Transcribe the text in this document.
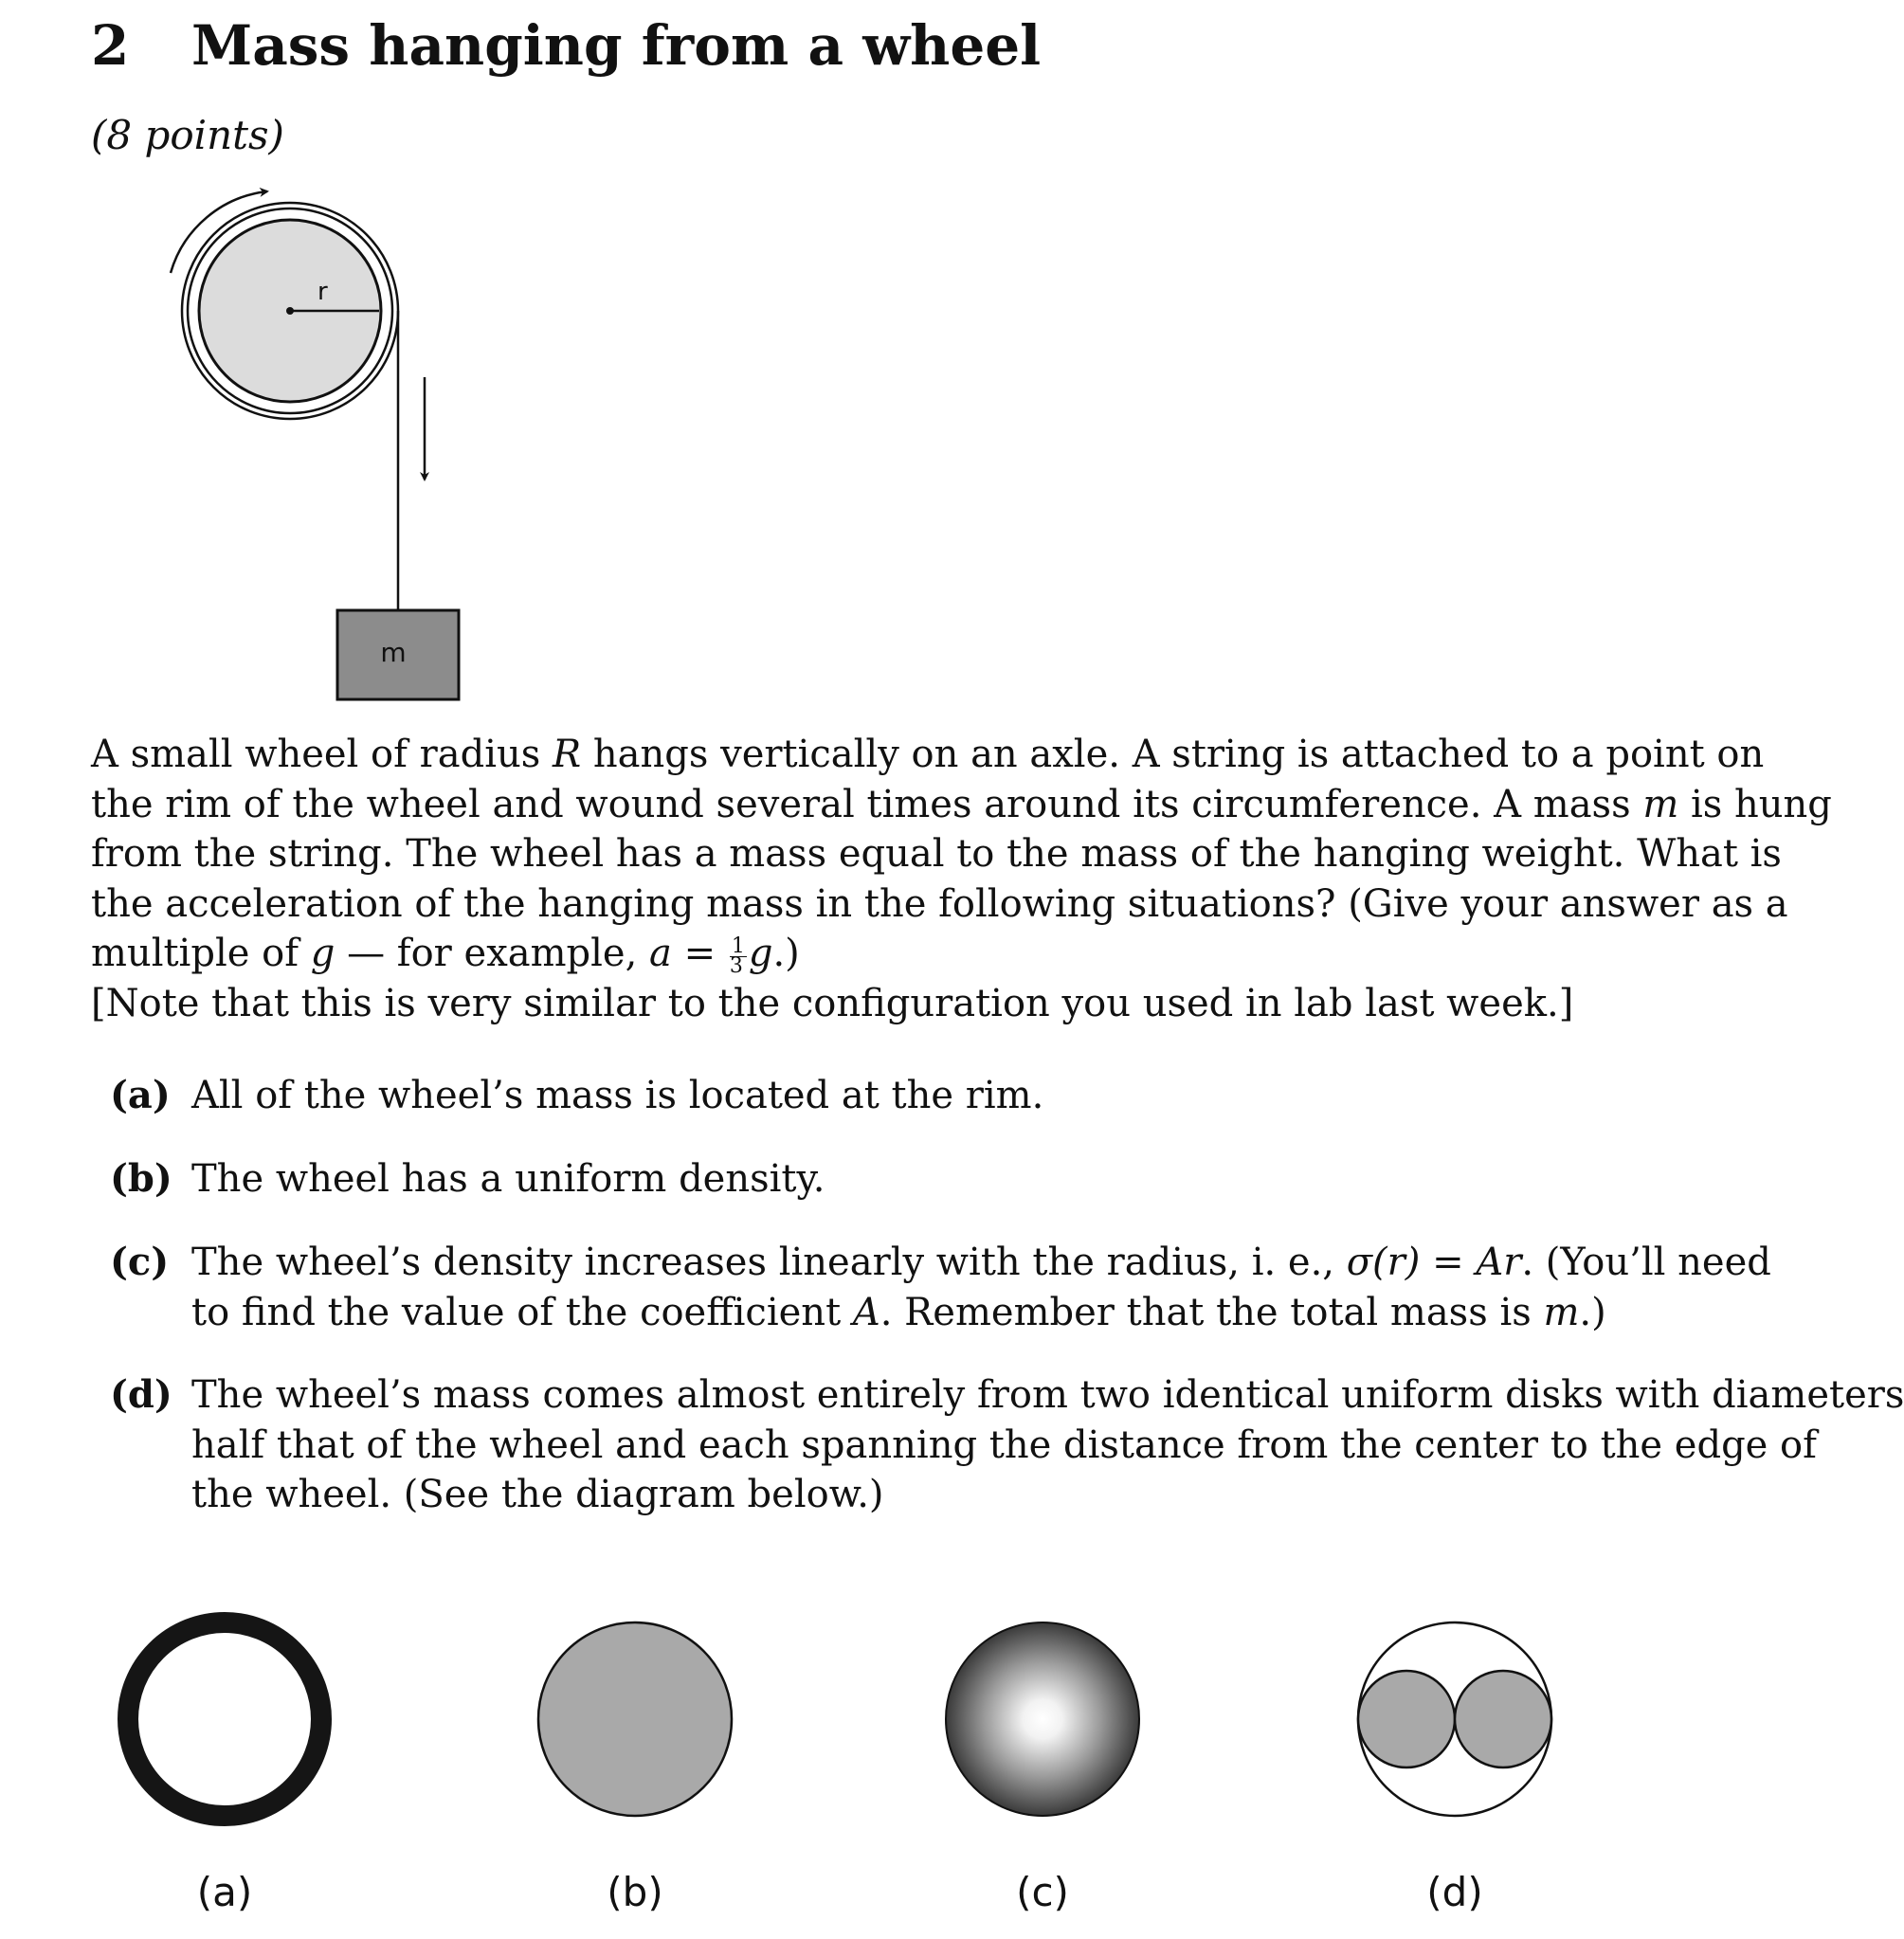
2 Mass hanging from a wheel
(8 points)
r
m
A small wheel of radius R hangs vertically on an axle. A string is attached to a point on
the rim of the wheel and wound several times around its circumference. A mass m is hung
from the string. The wheel has a mass equal to the mass of the hanging weight. What is
the acceleration of the hanging mass in the following situations? (Give your answer as a
multiple of g — for example, $a = \frac{1}{3} g$.)
[Note that this is very similar to the configuration you used in lab last week.]
(a) All of the wheel’s mass is located at the rim.
(b) The wheel has a uniform density.
(c) The wheel’s density increases linearly with the radius, i. e., σ(r) = Ar. (You’ll need
to find the value of the coefficient A. Remember that the total mass is m.)
(d) The wheel’s mass comes almost entirely from two identical uniform disks with diameters
half that of the wheel and each spanning the distance from the center to the edge of
the wheel. (See the diagram below.)
(a)	(b)	(c)	(d)
